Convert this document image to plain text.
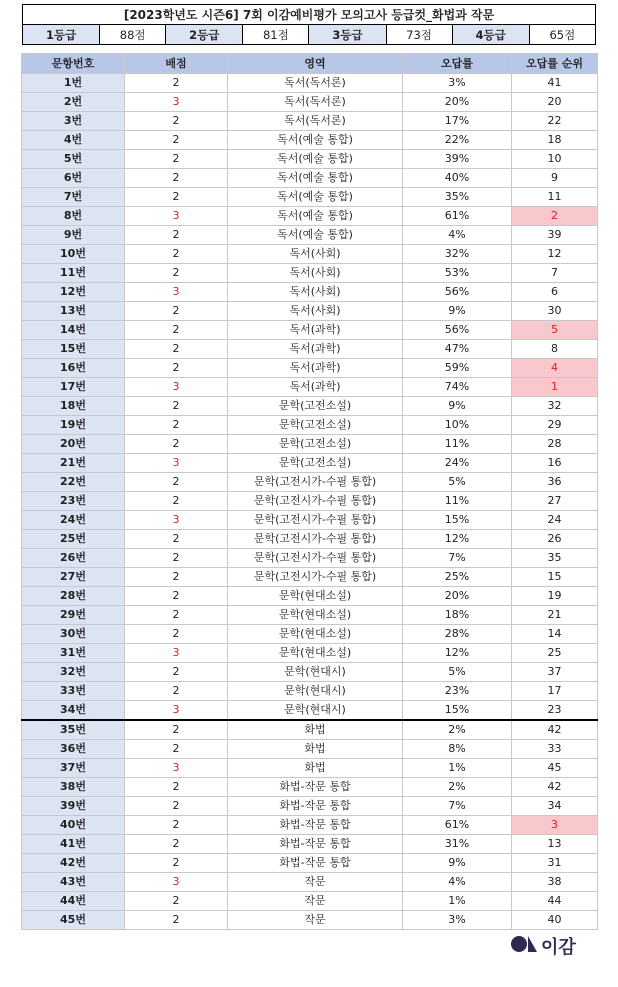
[2023학년도 시즌6] 7회 이감예비평가 모의고사 등급컷_화법과 작문
1등급	88점	2등급	81점	3등급	73점	4등급	65점
문항번호	배점	영역	오답률	오답률 순위
1번	2	독서(독서론)	3%	41
2번	3	독서(독서론)	20%	20
3번	2	독서(독서론)	17%	22
4번	2	독서(예술 통합)	22%	18
5번	2	독서(예술 통합)	39%	10
6번	2	독서(예술 통합)	40%	9
7번	2	독서(예술 통합)	35%	11
8번	3	독서(예술 통합)	61%	2
9번	2	독서(예술 통합)	4%	39
10번	2	독서(사회)	32%	12
11번	2	독서(사회)	53%	7
12번	3	독서(사회)	56%	6
13번	2	독서(사회)	9%	30
14번	2	독서(과학)	56%	5
15번	2	독서(과학)	47%	8
16번	2	독서(과학)	59%	4
17번	3	독서(과학)	74%	1
18번	2	문학(고전소설)	9%	32
19번	2	문학(고전소설)	10%	29
20번	2	문학(고전소설)	11%	28
21번	3	문학(고전소설)	24%	16
22번	2	문학(고전시가-수필 통합)	5%	36
23번	2	문학(고전시가-수필 통합)	11%	27
24번	3	문학(고전시가-수필 통합)	15%	24
25번	2	문학(고전시가-수필 통합)	12%	26
26번	2	문학(고전시가-수필 통합)	7%	35
27번	2	문학(고전시가-수필 통합)	25%	15
28번	2	문학(현대소설)	20%	19
29번	2	문학(현대소설)	18%	21
30번	2	문학(현대소설)	28%	14
31번	3	문학(현대소설)	12%	25
32번	2	문학(현대시)	5%	37
33번	2	문학(현대시)	23%	17
34번	3	문학(현대시)	15%	23
35번	2	화법	2%	42
36번	2	화법	8%	33
37번	3	화법	1%	45
38번	2	화법-작문 통합	2%	42
39번	2	화법-작문 통합	7%	34
40번	2	화법-작문 통합	61%	3
41번	2	화법-작문 통합	31%	13
42번	2	화법-작문 통합	9%	31
43번	3	작문	4%	38
44번	2	작문	1%	44
45번	2	작문	3%	40
이감
